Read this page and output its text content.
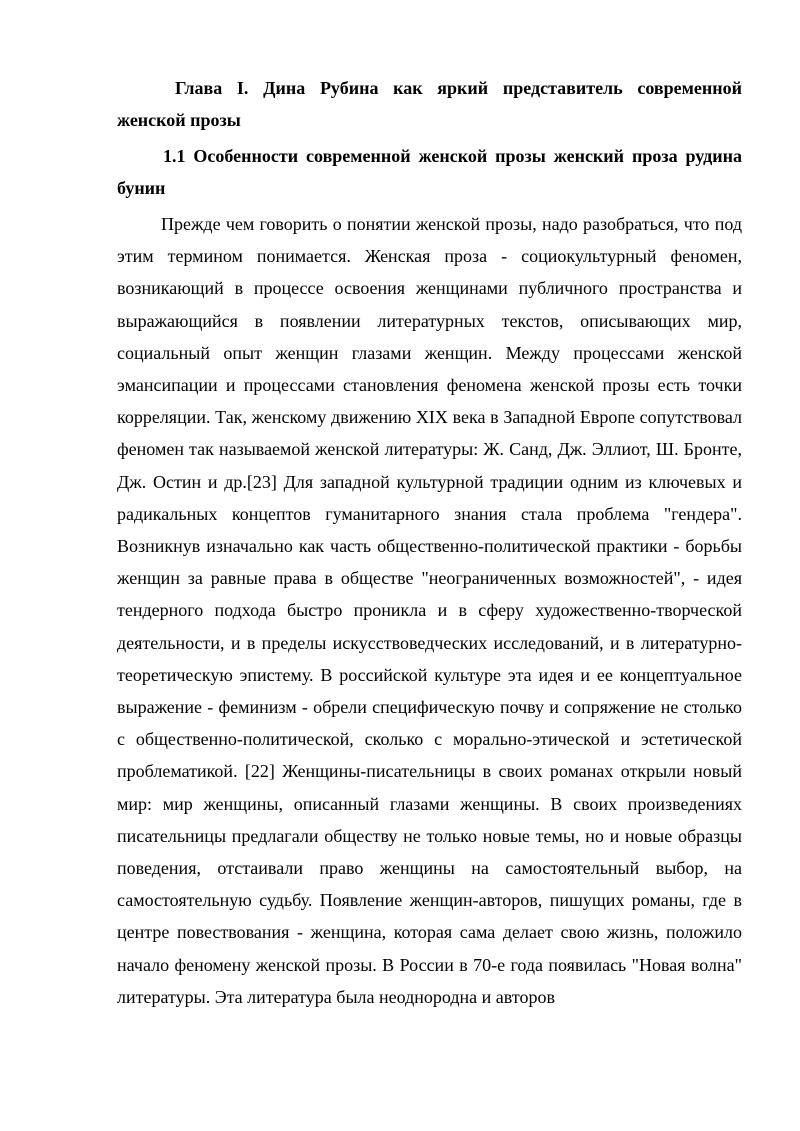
Глава I. Дина Рубина как яркий представитель современной женской прозы
1.1 Особенности современной женской прозы женский проза рудина бунин

Прежде чем говорить о понятии женской прозы, надо разобраться, что под этим термином понимается. Женская проза - социокультурный феномен, возникающий в процессе освоения женщинами публичного пространства и выражающийся в появлении литературных текстов, описывающих мир, социальный опыт женщин глазами женщин. Между процессами женской эмансипации и процессами становления феномена женской прозы есть точки корреляции. Так, женскому движению XIX века в Западной Европе сопутствовал феномен так называемой женской литературы: Ж. Санд, Дж. Эллиот, Ш. Бронте, Дж. Остин и др.[23] Для западной культурной традиции одним из ключевых и радикальных концептов гуманитарного знания стала проблема "гендера". Возникнув изначально как часть общественно-политической практики - борьбы женщин за равные права в обществе "неограниченных возможностей", - идея тендерного подхода быстро проникла и в сферу художественно-творческой деятельности, и в пределы искусствоведческих исследований, и в литературно-теоретическую эпистему. В российской культуре эта идея и ее концептуальное выражение - феминизм - обрели специфическую почву и сопряжение не столько с общественно-политической, сколько с морально-этической и эстетической проблематикой. [22] Женщины-писательницы в своих романах открыли новый мир: мир женщины, описанный глазами женщины. В своих произведениях писательницы предлагали обществу не только новые темы, но и новые образцы поведения, отстаивали право женщины на самостоятельный выбор, на самостоятельную судьбу. Появление женщин-авторов, пишущих романы, где в центре повествования - женщина, которая сама делает свою жизнь, положило начало феномену женской прозы. В России в 70-е года появилась "Новая волна" литературы. Эта литература была неоднородна и авторов
